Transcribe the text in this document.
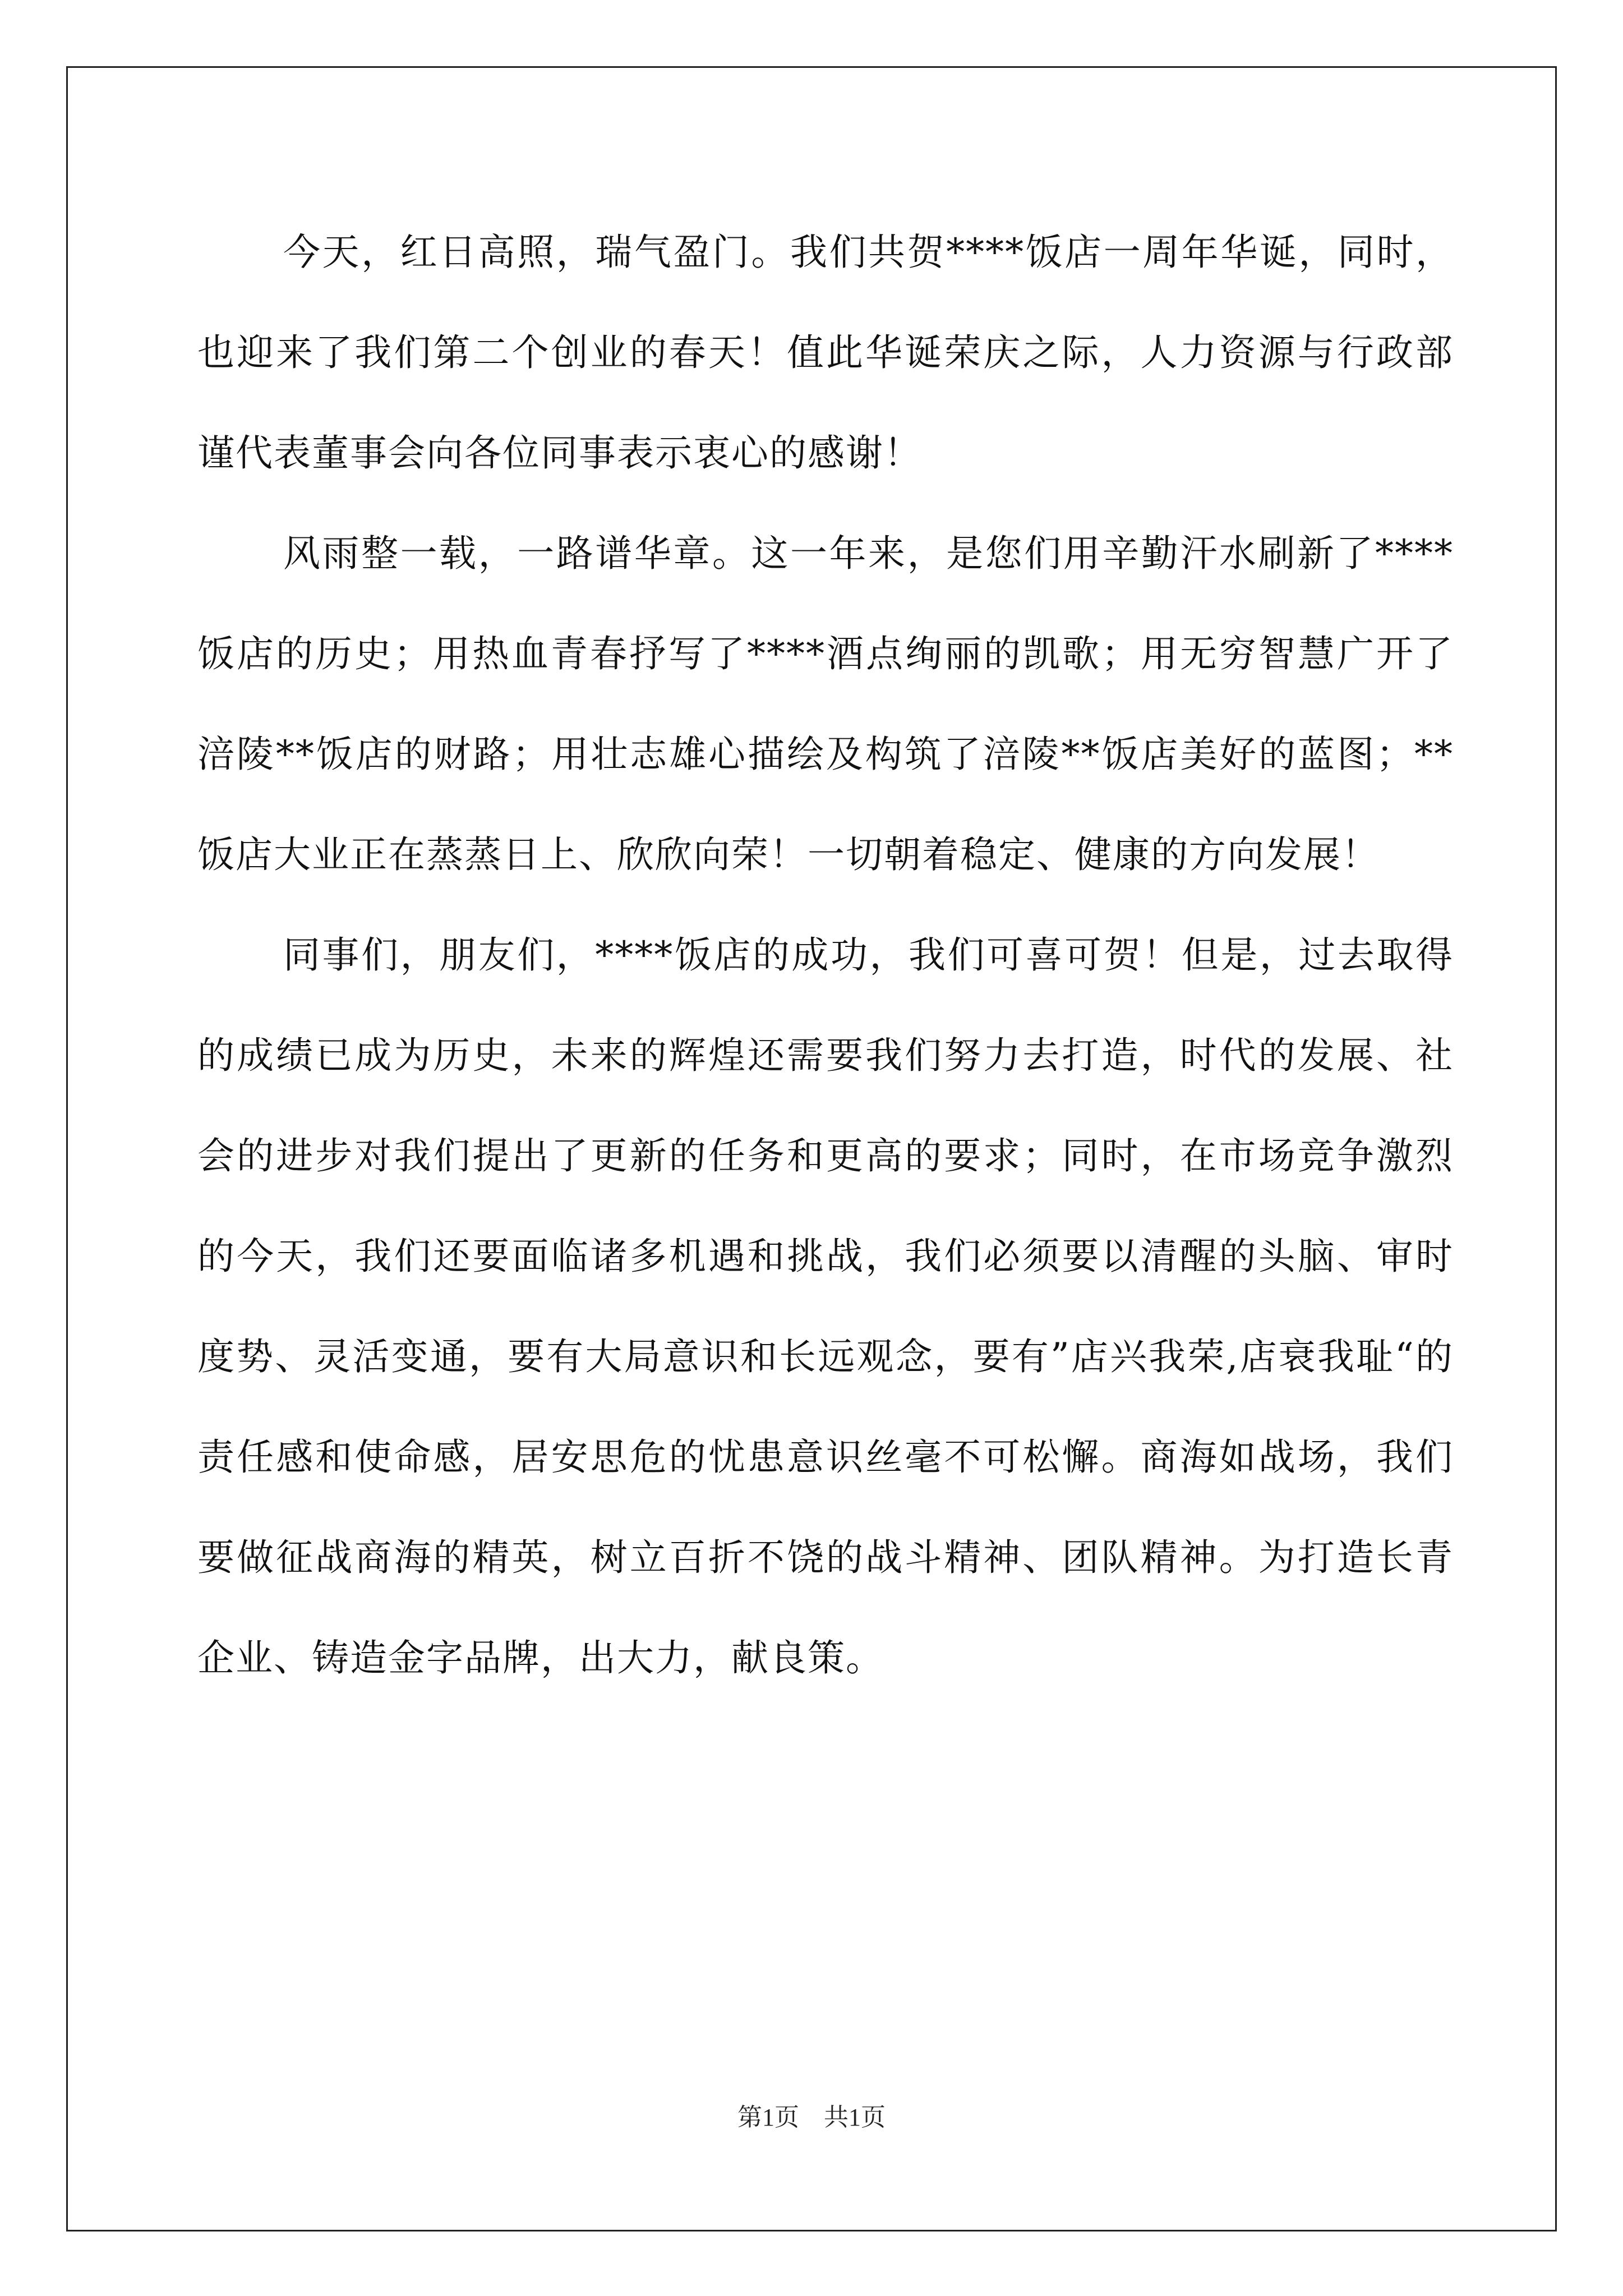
今天，红日高照，瑞气盈门。我们共贺****饭店一周年华诞，同时，也迎来了我们第二个创业的春天！值此华诞荣庆之际，人力资源与行政部谨代表董事会向各位同事表示衷心的感谢！

风雨整一载，一路谱华章。这一年来，是您们用辛勤汗水刷新了****饭店的历史；用热血青春抒写了****酒点绚丽的凯歌；用无穷智慧广开了涪陵**饭店的财路；用壮志雄心描绘及构筑了涪陵**饭店美好的蓝图；**饭店大业正在蒸蒸日上、欣欣向荣！一切朝着稳定、健康的方向发展！

同事们，朋友们，****饭店的成功，我们可喜可贺！但是，过去取得的成绩已成为历史，未来的辉煌还需要我们努力去打造，时代的发展、社会的进步对我们提出了更新的任务和更高的要求；同时，在市场竞争激烈的今天，我们还要面临诸多机遇和挑战，我们必须要以清醒的头脑、审时度势、灵活变通，要有大局意识和长远观念，要有”店兴我荣,店衰我耻“的责任感和使命感，居安思危的忧患意识丝毫不可松懈。商海如战场，我们要做征战商海的精英，树立百折不饶的战斗精神、团队精神。为打造长青企业、铸造金字品牌，出大力，献良策。

第1页 共1页
